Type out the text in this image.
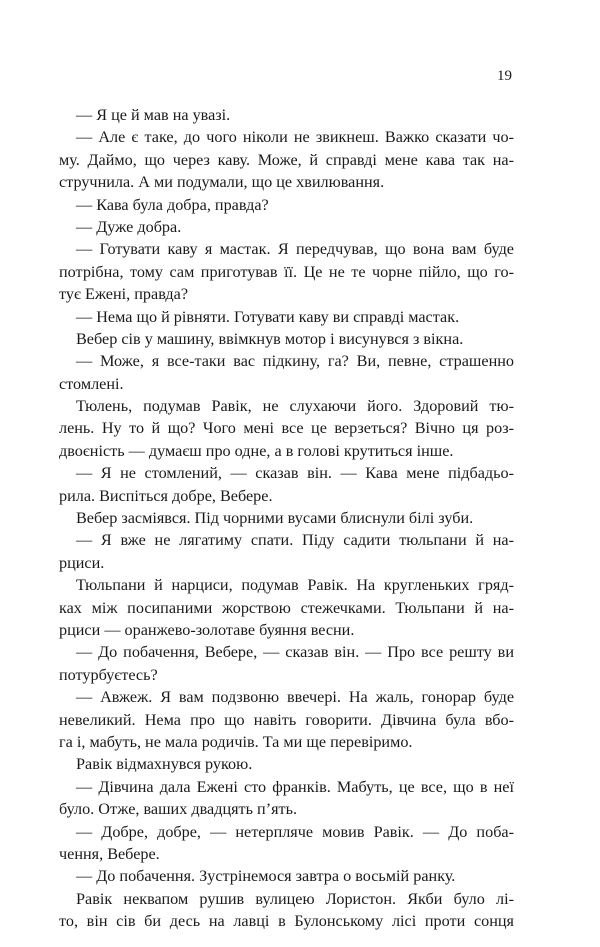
19
— Я це й мав на увазі.
— Але є таке, до чого ніколи не звикнеш. Важко сказати чо-
му. Даймо, що через каву. Може, й справді мене кава так на-
стручнила. А ми подумали, що це хвилювання.
— Кава була добра, правда?
— Дуже добра.
— Готувати каву я мастак. Я передчував, що вона вам буде
потрібна, тому сам приготував її. Це не те чорне пійло, що го-
тує Ежені, правда?
— Нема що й рівняти. Готувати каву ви справді мастак.
Вебер сів у машину, ввімкнув мотор і висунувся з вікна.
— Може, я все-таки вас підкину, га? Ви, певне, страшенно
стомлені.
Тюлень, подумав Равік, не слухаючи його. Здоровий тю-
лень. Ну то й що? Чого мені все це верзеться? Вічно ця роз-
двоєність — думаєш про одне, а в голові крутиться інше.
— Я не стомлений, — сказав він. — Кава мене підбадьо-
рила. Виспіться добре, Вебере.
Вебер засміявся. Під чорними вусами блиснули білі зуби.
— Я вже не лягатиму спати. Піду садити тюльпани й на-
рциси.
Тюльпани й нарциси, подумав Равік. На кругленьких гряд-
ках між посипаними жорствою стежечками. Тюльпани й на-
рциси — оранжево-золотаве буяння весни.
— До побачення, Вебере, — сказав він. — Про все решту ви
потурбуєтесь?
— Авжеж. Я вам подзвоню ввечері. На жаль, гонорар буде
невеликий. Нема про що навіть говорити. Дівчина була вбо-
га і, мабуть, не мала родичів. Та ми ще перевіримо.
Равік відмахнувся рукою.
— Дівчина дала Ежені сто франків. Мабуть, це все, що в неї
було. Отже, ваших двадцять п’ять.
— Добре, добре, — нетерпляче мовив Равік. — До поба-
чення, Вебере.
— До побачення. Зустрінемося завтра о восьмій ранку.
Равік неквапом рушив вулицею Лористон. Якби було лі-
то, він сів би десь на лавці в Булонському лісі проти сонця
